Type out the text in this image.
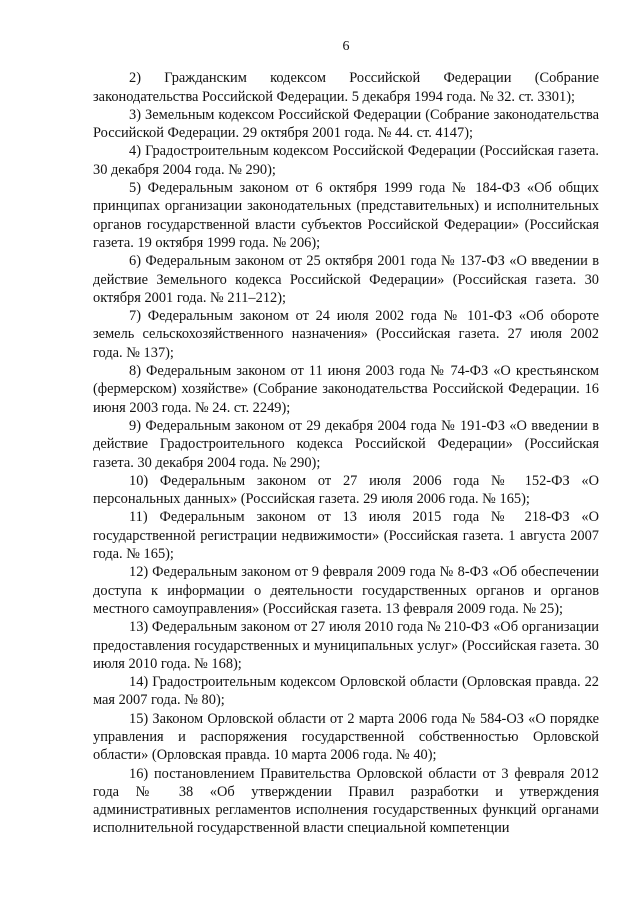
6

2) Гражданским кодексом Российской Федерации (Собрание законодательства Российской Федерации. 5 декабря 1994 года. № 32. ст. 3301);

3) Земельным кодексом Российской Федерации (Собрание законодательства Российской Федерации. 29 октября 2001 года. № 44. ст. 4147);

4) Градостроительным кодексом Российской Федерации (Российская газета. 30 декабря 2004 года. № 290);

5) Федеральным законом от 6 октября 1999 года № 184-ФЗ «Об общих принципах организации законодательных (представительных) и исполнительных органов государственной власти субъектов Российской Федерации» (Российская газета. 19 октября 1999 года. № 206);

6) Федеральным законом от 25 октября 2001 года № 137-ФЗ «О введении в действие Земельного кодекса Российской Федерации» (Российская газета. 30 октября 2001 года. № 211–212);

7) Федеральным законом от 24 июля 2002 года № 101-ФЗ «Об обороте земель сельскохозяйственного назначения» (Российская газета. 27 июля 2002 года. № 137);

8) Федеральным законом от 11 июня 2003 года № 74-ФЗ «О крестьянском (фермерском) хозяйстве» (Собрание законодательства Российской Федерации. 16 июня 2003 года. № 24. ст. 2249);

9) Федеральным законом от 29 декабря 2004 года № 191-ФЗ «О введении в действие Градостроительного кодекса Российской Федерации» (Российская газета. 30 декабря 2004 года. № 290);

10) Федеральным законом от 27 июля 2006 года № 152-ФЗ «О персональных данных» (Российская газета. 29 июля 2006 года. № 165);

11) Федеральным законом от 13 июля 2015 года № 218-ФЗ «О государственной регистрации недвижимости» (Российская газета. 1 августа 2007 года. № 165);

12) Федеральным законом от 9 февраля 2009 года № 8-ФЗ «Об обеспечении доступа к информации о деятельности государственных органов и органов местного самоуправления» (Российская газета. 13 февраля 2009 года. № 25);

13) Федеральным законом от 27 июля 2010 года № 210-ФЗ «Об организации предоставления государственных и муниципальных услуг» (Российская газета. 30 июля 2010 года. № 168);

14) Градостроительным кодексом Орловской области (Орловская правда. 22 мая 2007 года. № 80);

15) Законом Орловской области от 2 марта 2006 года № 584-ОЗ «О порядке управления и распоряжения государственной собственностью Орловской области» (Орловская правда. 10 марта 2006 года. № 40);

16) постановлением Правительства Орловской области от 3 февраля 2012 года № 38 «Об утверждении Правил разработки и утверждения административных регламентов исполнения государственных функций органами исполнительной государственной власти специальной компетенции
